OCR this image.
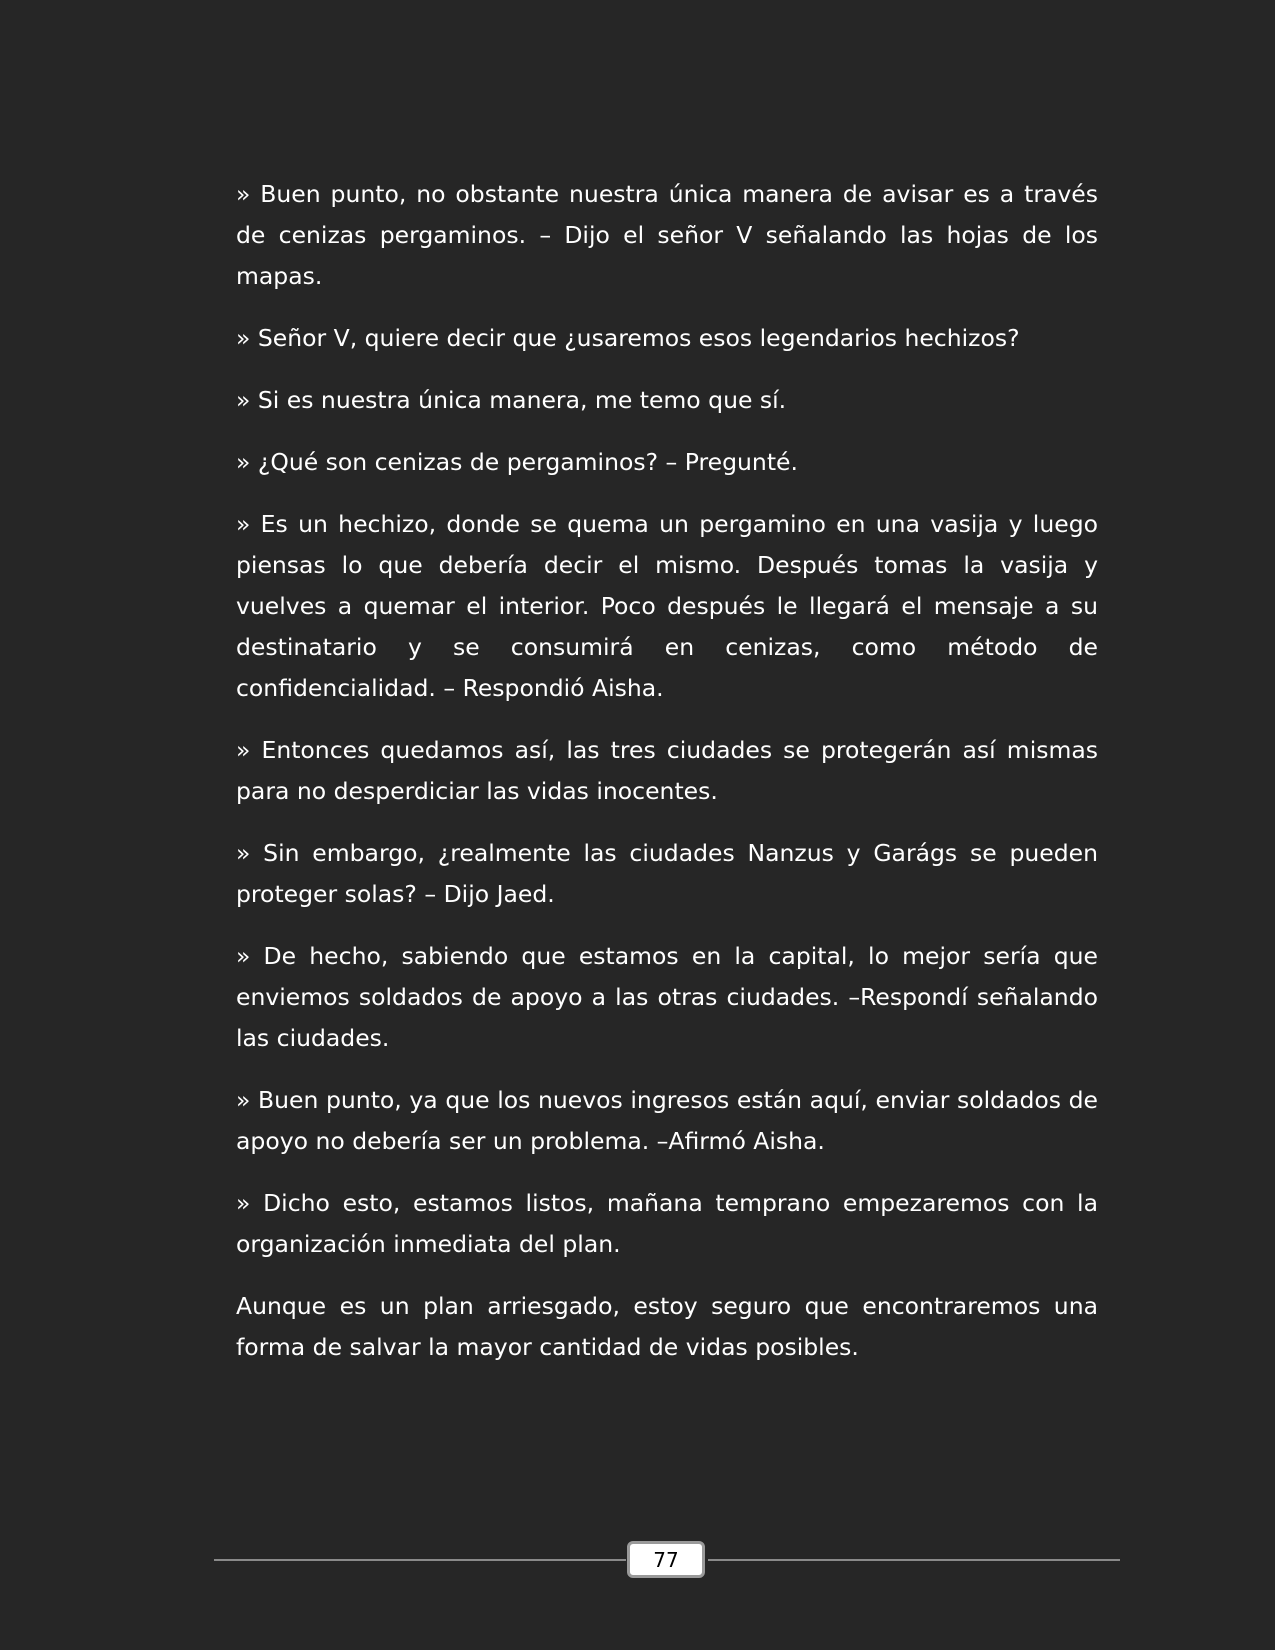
» Buen punto, no obstante nuestra única manera de avisar es a través de cenizas pergaminos. – Dijo el señor V señalando las hojas de los mapas.

» Señor V, quiere decir que ¿usaremos esos legendarios hechizos?

» Si es nuestra única manera, me temo que sí.

» ¿Qué son cenizas de pergaminos? – Pregunté.

» Es un hechizo, donde se quema un pergamino en una vasija y luego piensas lo que debería decir el mismo. Después tomas la vasija y vuelves a quemar el interior. Poco después le llegará el mensaje a su destinatario y se consumirá en cenizas, como método de confidencialidad. – Respondió Aisha.

» Entonces quedamos así, las tres ciudades se protegerán así mismas para no desperdiciar las vidas inocentes.

» Sin embargo, ¿realmente las ciudades Nanzus y Garágs se pueden proteger solas? – Dijo Jaed.

» De hecho, sabiendo que estamos en la capital, lo mejor sería que enviemos soldados de apoyo a las otras ciudades. –Respondí señalando las ciudades.

» Buen punto, ya que los nuevos ingresos están aquí, enviar soldados de apoyo no debería ser un problema. –Afirmó Aisha.

» Dicho esto, estamos listos, mañana temprano empezaremos con la organización inmediata del plan.

Aunque es un plan arriesgado, estoy seguro que encontraremos una forma de salvar la mayor cantidad de vidas posibles.

77
